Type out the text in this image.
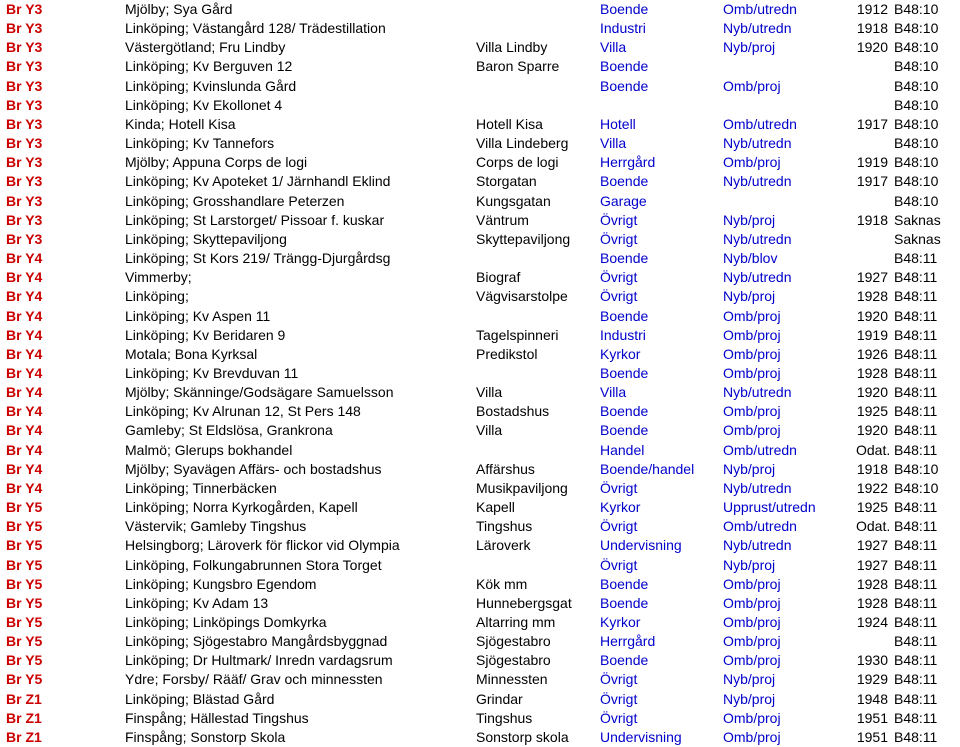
Br Y3	Mjölby; Sya Gård		Boende	Omb/utredn	1912	B48:10
Br Y3	Linköping; Västangård 128/ Trädestillation		Industri	Nyb/utredn	1918	B48:10
Br Y3	Västergötland; Fru Lindby	Villa Lindby	Villa	Nyb/proj	1920	B48:10
Br Y3	Linköping; Kv Berguven 12	Baron Sparre	Boende			B48:10
Br Y3	Linköping; Kvinslunda Gård		Boende	Omb/proj		B48:10
Br Y3	Linköping; Kv Ekollonet 4					B48:10
Br Y3	Kinda; Hotell Kisa	Hotell Kisa	Hotell	Omb/utredn	1917	B48:10
Br Y3	Linköping; Kv Tannefors	Villa Lindeberg	Villa	Nyb/utredn		B48:10
Br Y3	Mjölby; Appuna Corps de logi	Corps de logi	Herrgård	Omb/proj	1919	B48:10
Br Y3	Linköping; Kv Apoteket 1/ Järnhandl Eklind	Storgatan	Boende	Nyb/utredn	1917	B48:10
Br Y3	Linköping; Grosshandlare Peterzen	Kungsgatan	Garage			B48:10
Br Y3	Linköping; St Larstorget/ Pissoar f. kuskar	Väntrum	Övrigt	Nyb/proj	1918	Saknas
Br Y3	Linköping; Skyttepaviljong	Skyttepaviljong	Övrigt	Nyb/utredn		Saknas
Br Y4	Linköping; St Kors 219/ Trängg-Djurgårdsg		Boende	Nyb/blov		B48:11
Br Y4	Vimmerby;	Biograf	Övrigt	Nyb/utredn	1927	B48:11
Br Y4	Linköping;	Vägvisarstolpe	Övrigt	Nyb/proj	1928	B48:11
Br Y4	Linköping; Kv Aspen 11		Boende	Omb/proj	1920	B48:11
Br Y4	Linköping; Kv Beridaren 9	Tagelspinneri	Industri	Omb/proj	1919	B48:11
Br Y4	Motala; Bona Kyrksal	Predikstol	Kyrkor	Omb/proj	1926	B48:11
Br Y4	Linköping; Kv Brevduvan 11		Boende	Omb/proj	1928	B48:11
Br Y4	Mjölby; Skänninge/Godsägare Samuelsson	Villa	Villa	Nyb/utredn	1920	B48:11
Br Y4	Linköping; Kv Alrunan 12, St Pers 148	Bostadshus	Boende	Omb/proj	1925	B48:11
Br Y4	Gamleby; St Eldslösa, Grankrona	Villa	Boende	Omb/proj	1920	B48:11
Br Y4	Malmö; Glerups bokhandel		Handel	Omb/utredn	Odat.	B48:11
Br Y4	Mjölby; Syavägen Affärs- och bostadshus	Affärshus	Boende/handel	Nyb/proj	1918	B48:10
Br Y4	Linköping; Tinnerbäcken	Musikpaviljong	Övrigt	Nyb/utredn	1922	B48:10
Br Y5	Linköping; Norra Kyrkogården, Kapell	Kapell	Kyrkor	Upprust/utredn	1925	B48:11
Br Y5	Västervik; Gamleby Tingshus	Tingshus	Övrigt	Omb/utredn	Odat.	B48:11
Br Y5	Helsingborg; Läroverk för flickor vid Olympia	Läroverk	Undervisning	Nyb/utredn	1927	B48:11
Br Y5	Linköping, Folkungabrunnen Stora Torget		Övrigt	Nyb/proj	1927	B48:11
Br Y5	Linköping; Kungsbro Egendom	Kök mm	Boende	Omb/proj	1928	B48:11
Br Y5	Linköping; Kv Adam 13	Hunnebergsgat	Boende	Omb/proj	1928	B48:11
Br Y5	Linköping; Linköpings Domkyrka	Altarring mm	Kyrkor	Omb/proj	1924	B48:11
Br Y5	Linköping; Sjögestabro Mangårdsbyggnad	Sjögestabro	Herrgård	Omb/proj		B48:11
Br Y5	Linköping; Dr Hultmark/ Inredn vardagsrum	Sjögestabro	Boende	Omb/proj	1930	B48:11
Br Y5	Ydre; Forsby/ Rääf/ Grav och minnessten	Minnessten	Övrigt	Nyb/proj	1929	B48:11
Br Z1	Linköping; Blästad Gård	Grindar	Övrigt	Nyb/proj	1948	B48:11
Br Z1	Finspång; Hällestad Tingshus	Tingshus	Övrigt	Omb/proj	1951	B48:11
Br Z1	Finspång; Sonstorp Skola	Sonstorp skola	Undervisning	Omb/proj	1951	B48:11
